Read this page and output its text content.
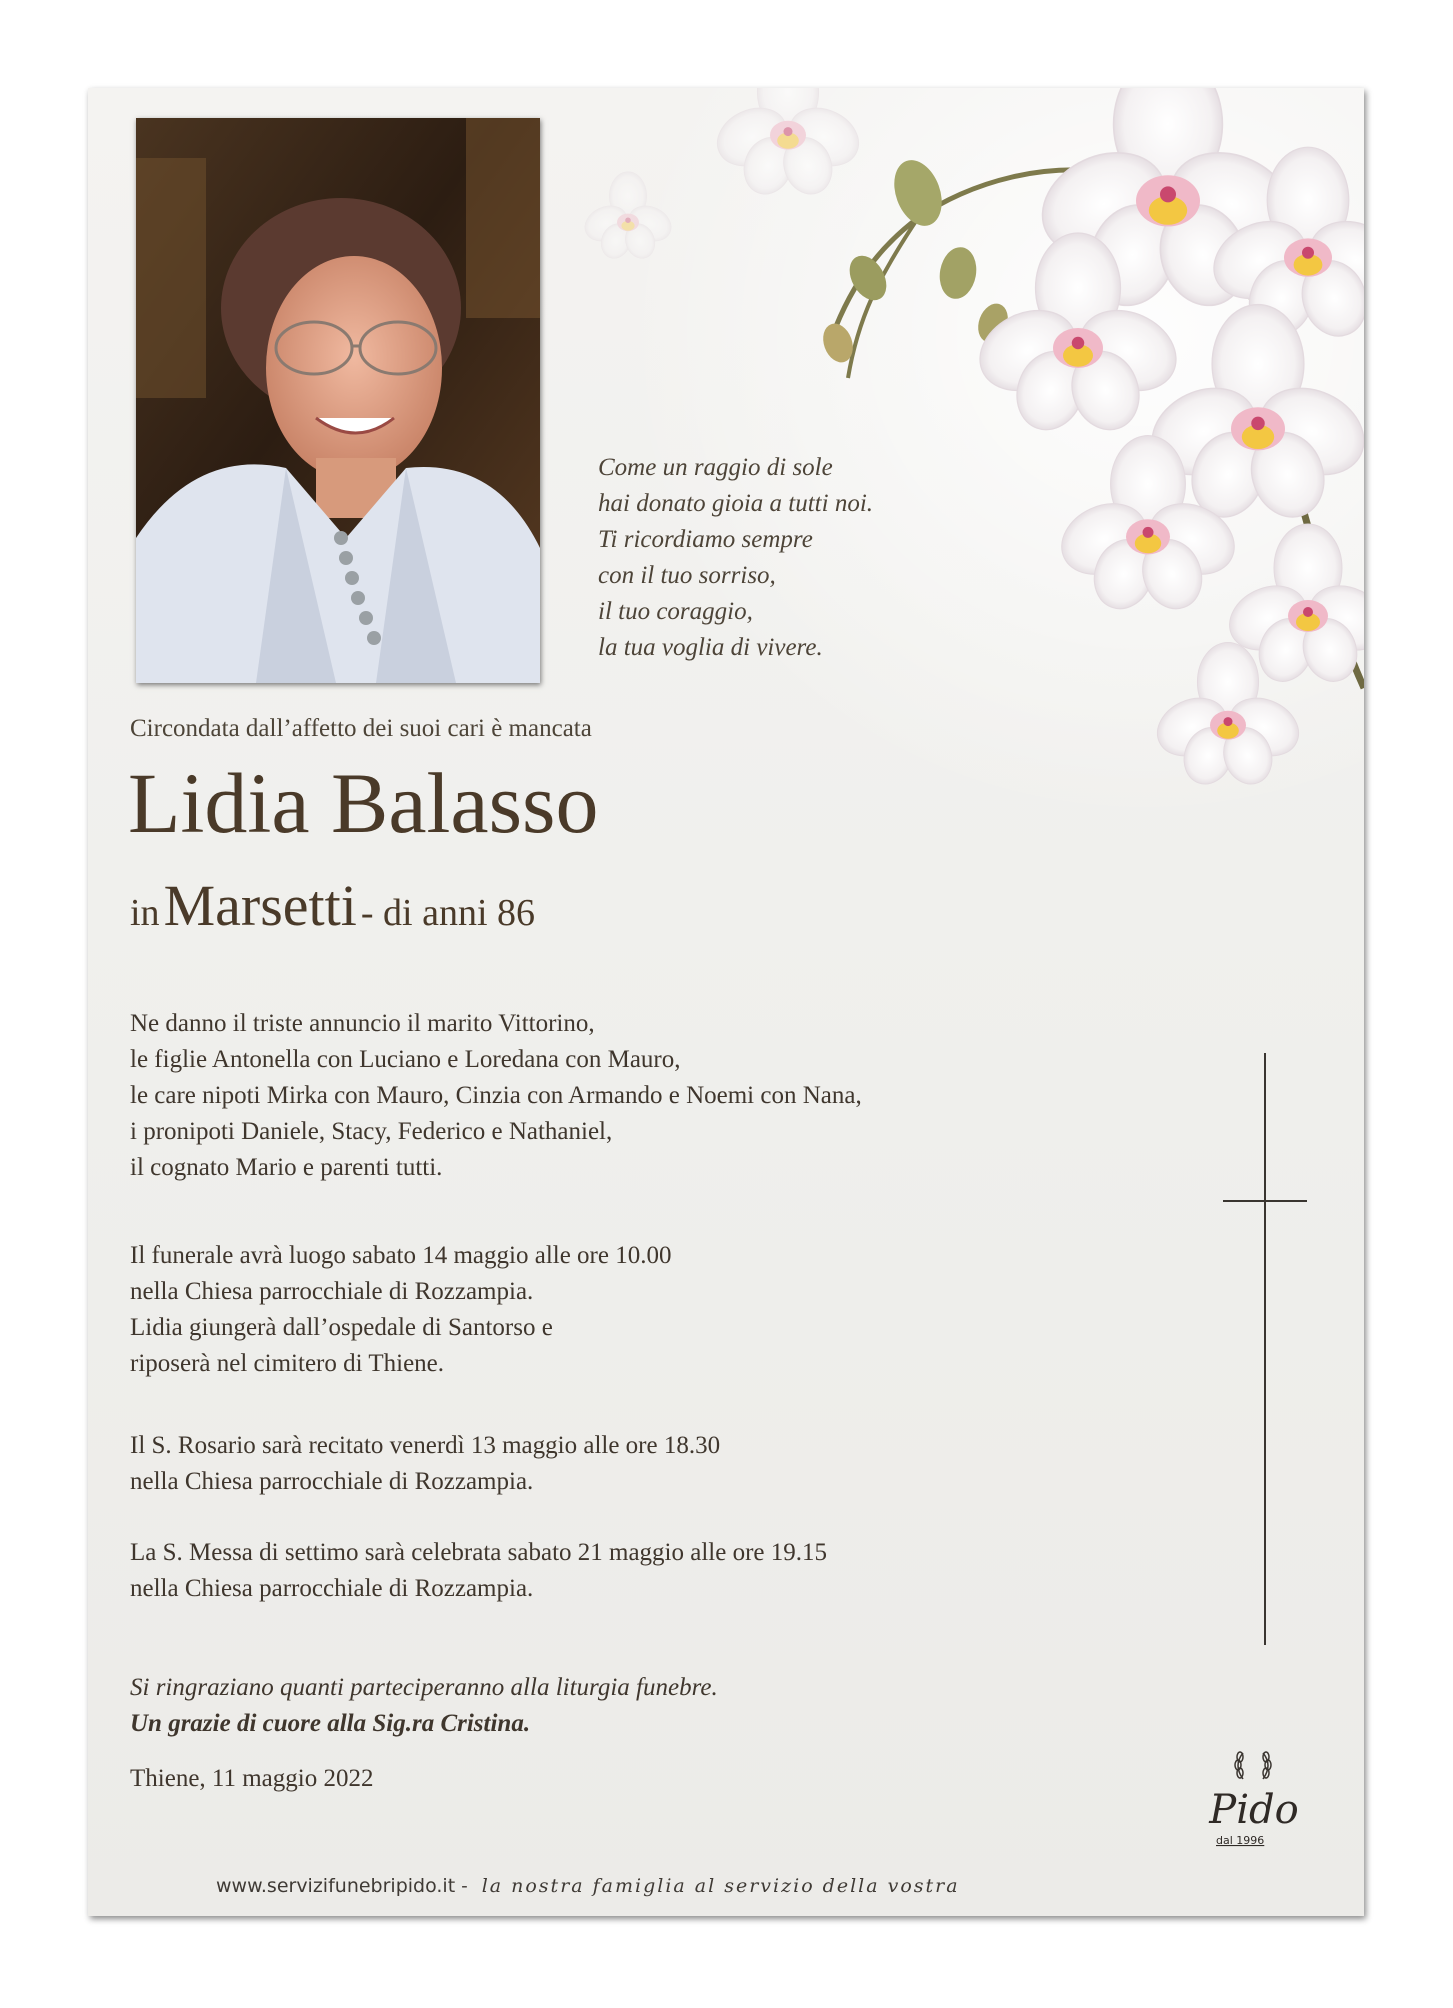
Come un raggio di sole
hai donato gioia a tutti noi.
Ti ricordiamo sempre
con il tuo sorriso,
il tuo coraggio,
la tua voglia di vivere.
Circondata dall’affetto dei suoi cari è mancata
Lidia Balasso
in Marsetti - di anni 86
Ne danno il triste annuncio il marito Vittorino,
le figlie Antonella con Luciano e Loredana con Mauro,
le care nipoti Mirka con Mauro, Cinzia con Armando e Noemi con Nana,
i pronipoti Daniele, Stacy, Federico e Nathaniel,
il cognato Mario e parenti tutti.
Il funerale avrà luogo sabato 14 maggio alle ore 10.00
nella Chiesa parrocchiale di Rozzampia.
Lidia giungerà dall’ospedale di Santorso e
riposerà nel cimitero di Thiene.
Il S. Rosario sarà recitato venerdì 13 maggio alle ore 18.30
nella Chiesa parrocchiale di Rozzampia.
La S. Messa di settimo sarà celebrata sabato 21 maggio alle ore 19.15
nella Chiesa parrocchiale di Rozzampia.
Si ringraziano quanti parteciperanno alla liturgia funebre.
Un grazie di cuore alla Sig.ra Cristina.
Thiene, 11 maggio 2022
Pido
dal 1996
www.servizifunebripido.it - la nostra famiglia al servizio della vostra
